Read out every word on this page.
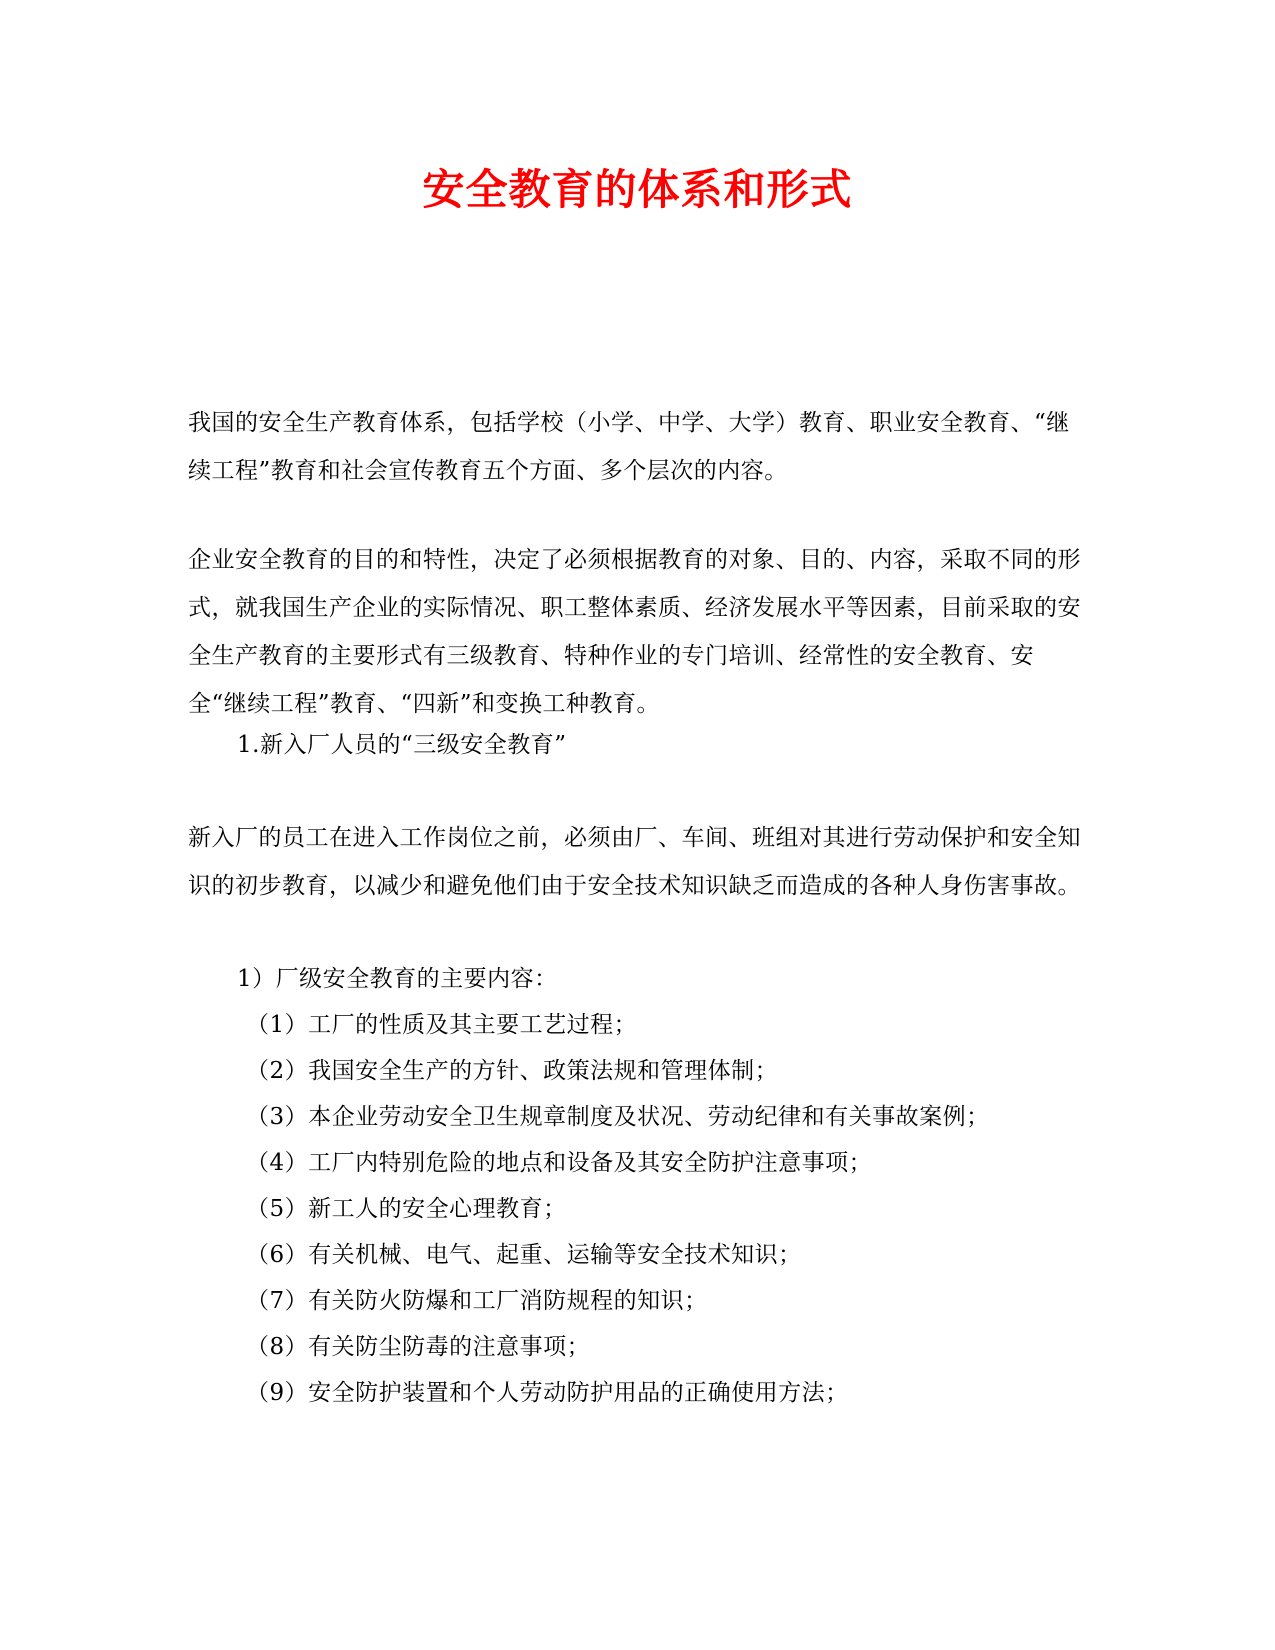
安全教育的体系和形式

我国的安全生产教育体系，包括学校（小学、中学、大学）教育、职业安全教育、“继续工程”教育和社会宣传教育五个方面、多个层次的内容。

企业安全教育的目的和特性，决定了必须根据教育的对象、目的、内容，采取不同的形式，就我国生产企业的实际情况、职工整体素质、经济发展水平等因素，目前采取的安全生产教育的主要形式有三级教育、特种作业的专门培训、经常性的安全教育、安全“继续工程”教育、“四新”和变换工种教育。

1.新入厂人员的“三级安全教育”

新入厂的员工在进入工作岗位之前，必须由厂、车间、班组对其进行劳动保护和安全知识的初步教育，以减少和避免他们由于安全技术知识缺乏而造成的各种人身伤害事故。

1）厂级安全教育的主要内容：

（1）工厂的性质及其主要工艺过程；

（2）我国安全生产的方针、政策法规和管理体制；

（3）本企业劳动安全卫生规章制度及状况、劳动纪律和有关事故案例；

（4）工厂内特别危险的地点和设备及其安全防护注意事项；

（5）新工人的安全心理教育；

（6）有关机械、电气、起重、运输等安全技术知识；

（7）有关防火防爆和工厂消防规程的知识；

（8）有关防尘防毒的注意事项；

（9）安全防护装置和个人劳动防护用品的正确使用方法；
